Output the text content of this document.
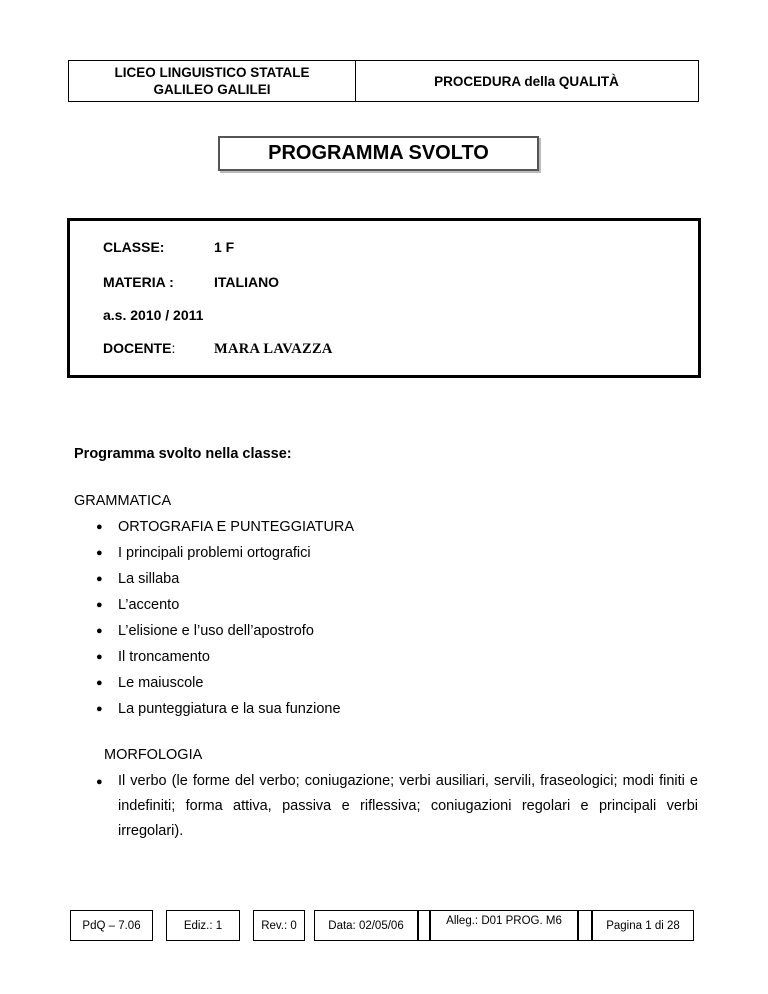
LICEO LINGUISTICO STATALE
GALILEO GALILEI
PROCEDURA della QUALITÀ
PROGRAMMA SVOLTO
CLASSE:	1 F
MATERIA :	ITALIANO
a.s. 2010 / 2011
DOCENTE:	MARA LAVAZZA
Programma svolto nella classe:
GRAMMATICA
● ORTOGRAFIA E PUNTEGGIATURA
● I principali problemi ortografici
● La sillaba
● L’accento
● L’elisione e l’uso dell’apostrofo
● Il troncamento
● Le maiuscole
● La punteggiatura e la sua funzione
MORFOLOGIA
● Il verbo (le forme del verbo; coniugazione; verbi ausiliari, servili, fraseologici; modi finiti e indefiniti; forma attiva, passiva e riflessiva; coniugazioni regolari e principali verbi irregolari).
PdQ – 7.06	Ediz.: 1	Rev.: 0	Data: 02/05/06	Alleg.: D01 PROG. M6	Pagina 1 di 28
